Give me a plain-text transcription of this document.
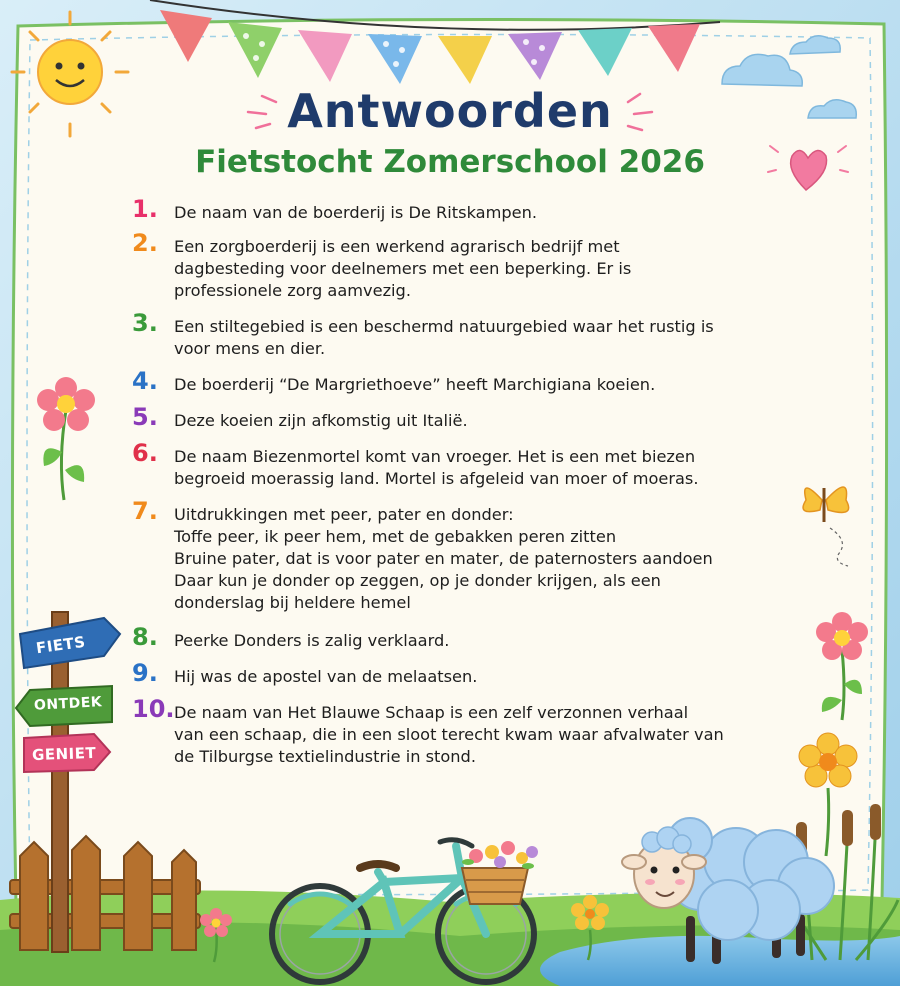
Antwoorden
Fietstocht Zomerschool 2026
FIETS
ONTDEK
GENIET
1. De naam van de boerderij is De Ritskampen.
2. Een zorgboerderij is een werkend agrarisch bedrijf met
dagbesteding voor deelnemers met een beperking. Er is
professionele zorg aamvezig.
3. Een stiltegebied is een beschermd natuurgebied waar het rustig is
voor mens en dier.
4. De boerderij “De Margriethoeve” heeft Marchigiana koeien.
5. Deze koeien zijn afkomstig uit Italië.
6. De naam Biezenmortel komt van vroeger. Het is een met biezen
begroeid moerassig land. Mortel is afgeleid van moer of moeras.
7. Uitdrukkingen met peer, pater en donder:
Toffe peer, ik peer hem, met de gebakken peren zitten
Bruine pater, dat is voor pater en mater, de paternosters aandoen
Daar kun je donder op zeggen, op je donder krijgen, als een
donderslag bij heldere hemel
8. Peerke Donders is zalig verklaard.
9. Hij was de apostel van de melaatsen.
10. De naam van Het Blauwe Schaap is een zelf verzonnen verhaal
van een schaap, die in een sloot terecht kwam waar afvalwater van
de Tilburgse textielindustrie in stond.
